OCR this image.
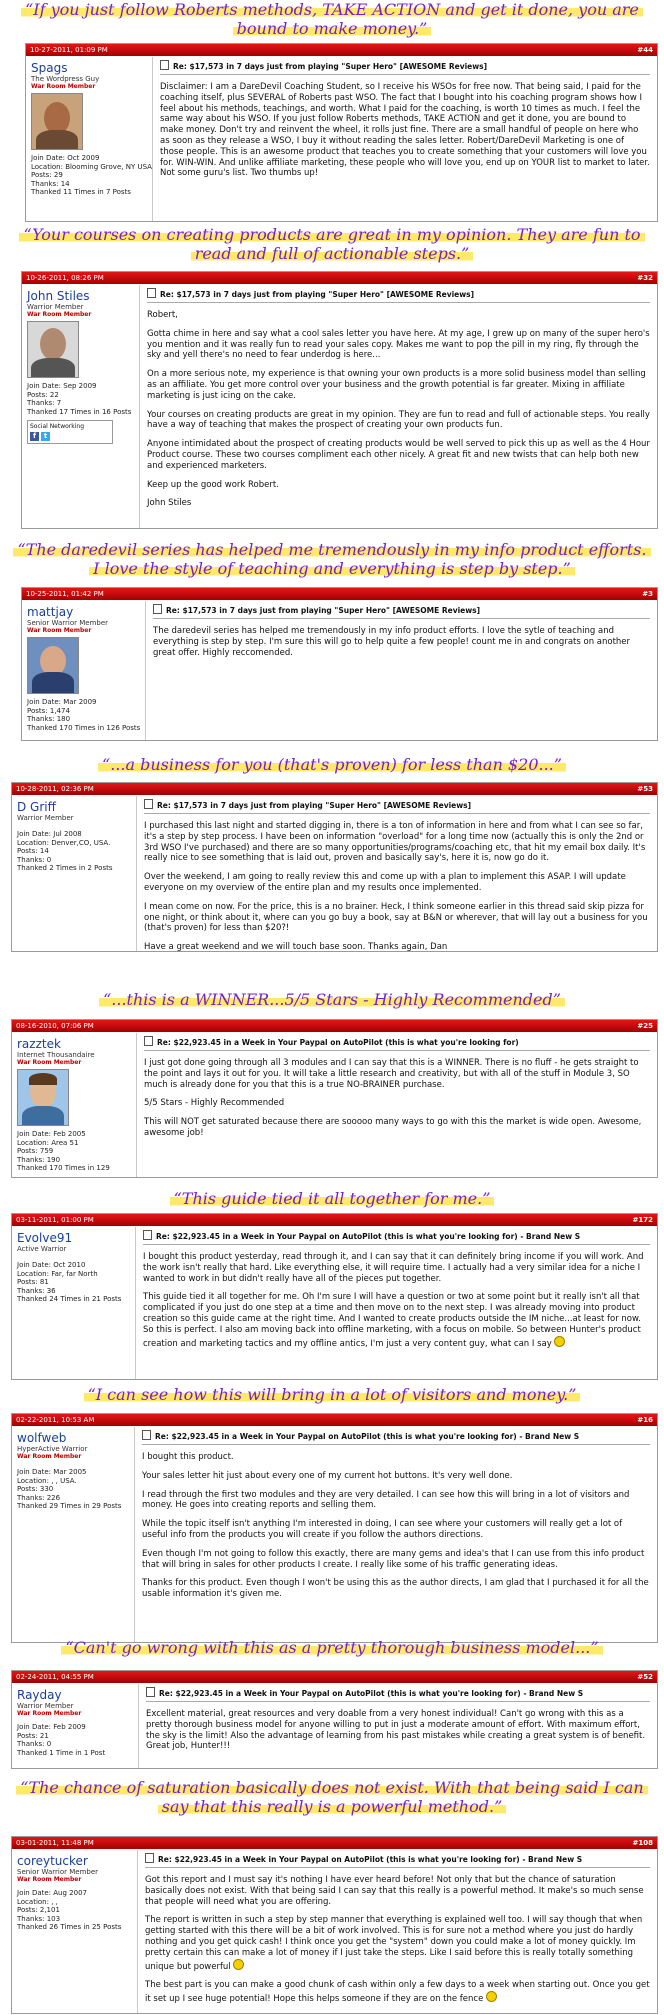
“If you just follow Roberts methods, TAKE ACTION and get it done, you are bound to make money.”
10-27-2011, 01:09 PM	#44
Spags
The Wordpress Guy
War Room Member
Join Date: Oct 2009
Location: Blooming Grove, NY USA
Posts: 29
Thanks: 14
Thanked 11 Times in 7 Posts
Re: $17,573 in 7 days just from playing "Super Hero" [AWESOME Reviews]

Disclaimer: I am a DareDevil Coaching Student, so I receive his WSOs for free now. That being said, I paid for the coaching itself, plus SEVERAL of Roberts past WSO. The fact that I bought into his coaching program shows how I feel about his methods, teachings, and worth. What I paid for the coaching, is worth 10 times as much. I feel the same way about his WSO. If you just follow Roberts methods, TAKE ACTION and get it done, you are bound to make money. Don't try and reinvent the wheel, it rolls just fine. There are a small handful of people on here who as soon as they release a WSO, I buy it without reading the sales letter. Robert/DareDevil Marketing is one of those people. This is an awesome product that teaches you to create something that your customers will love you for. WIN-WIN. And unlike affiliate marketing, these people who will love you, end up on YOUR list to market to later. Not some guru's list. Two thumbs up!

“Your courses on creating products are great in my opinion. They are fun to read and full of actionable steps.”
10-26-2011, 08:26 PM	#32
John Stiles
Warrior Member
War Room Member
Join Date: Sep 2009
Posts: 22
Thanks: 7
Thanked 17 Times in 16 Posts
Social Networking
f t
Re: $17,573 in 7 days just from playing "Super Hero" [AWESOME Reviews]

Robert,

Gotta chime in here and say what a cool sales letter you have here. At my age, I grew up on many of the super hero's you mention and it was really fun to read your sales copy. Makes me want to pop the pill in my ring, fly through the sky and yell there's no need to fear underdog is here...

On a more serious note, my experience is that owning your own products is a more solid business model than selling as an affiliate. You get more control over your business and the growth potential is far greater. Mixing in affiliate marketing is just icing on the cake.

Your courses on creating products are great in my opinion. They are fun to read and full of actionable steps. You really have a way of teaching that makes the prospect of creating your own products fun.

Anyone intimidated about the prospect of creating products would be well served to pick this up as well as the 4 Hour Product course. These two courses compliment each other nicely. A great fit and new twists that can help both new and experienced marketers.

Keep up the good work Robert.

John Stiles

“The daredevil series has helped me tremendously in my info product efforts. I love the style of teaching and everything is step by step.”
10-25-2011, 01:42 PM	#3
mattjay
Senior Warrior Member
War Room Member
Join Date: Mar 2009
Posts: 1,474
Thanks: 180
Thanked 170 Times in 126 Posts
Re: $17,573 in 7 days just from playing "Super Hero" [AWESOME Reviews]

The daredevil series has helped me tremendously in my info product efforts. I love the sytle of teaching and everything is step by step. I'm sure this will go to help quite a few people! count me in and congrats on another great offer. Highly reccomended.

“...a business for you (that's proven) for less than $20...”
10-28-2011, 02:36 PM	#53
D Griff
Warrior Member
Join Date: Jul 2008
Location: Denver,CO, USA.
Posts: 14
Thanks: 0
Thanked 2 Times in 2 Posts
Re: $17,573 in 7 days just from playing "Super Hero" [AWESOME Reviews]

I purchased this last night and started digging in, there is a ton of information in here and from what I can see so far, it's a step by step process. I have been on information "overload" for a long time now (actually this is only the 2nd or 3rd WSO I've purchased) and there are so many opportunities/programs/coaching etc, that hit my email box daily. It's really nice to see something that is laid out, proven and basically say's, here it is, now go do it.

Over the weekend, I am going to really review this and come up with a plan to implement this ASAP. I will update everyone on my overview of the entire plan and my results once implemented.

I mean come on now. For the price, this is a no brainer. Heck, I think someone earlier in this thread said skip pizza for one night, or think about it, where can you go buy a book, say at B&N or wherever, that will lay out a business for you (that's proven) for less than $20?!

Have a great weekend and we will touch base soon. Thanks again, Dan

“...this is a WINNER...5/5 Stars - Highly Recommended”
08-16-2010, 07:06 PM	#25
razztek
Internet Thousandaire
War Room Member
Join Date: Feb 2005
Location: Area 51
Posts: 759
Thanks: 190
Thanked 170 Times in 129
Re: $22,923.45 in a Week in Your Paypal on AutoPilot (this is what you're looking for)

I just got done going through all 3 modules and I can say that this is a WINNER. There is no fluff - he gets straight to the point and lays it out for you. It will take a little research and creativity, but with all of the stuff in Module 3, SO much is already done for you that this is a true NO-BRAINER purchase.

5/5 Stars - Highly Recommended

This will NOT get saturated because there are sooooo many ways to go with this the market is wide open. Awesome, awesome job!

“This guide tied it all together for me.”
03-11-2011, 01:00 PM	#172
Evolve91
Active Warrior
Join Date: Oct 2010
Location: Far, far North
Posts: 81
Thanks: 36
Thanked 24 Times in 21 Posts
Re: $22,923.45 in a Week in Your Paypal on AutoPilot (this is what you're looking for) - Brand New S

I bought this product yesterday, read through it, and I can say that it can definitely bring income if you will work. And the work isn't really that hard. Like everything else, it will require time. I actually had a very similar idea for a niche I wanted to work in but didn't really have all of the pieces put together.

This guide tied it all together for me. Oh I'm sure I will have a question or two at some point but it really isn't all that complicated if you just do one step at a time and then move on to the next step. I was already moving into product creation so this guide came at the right time. And I wanted to create products outside the IM niche...at least for now. So this is perfect. I also am moving back into offline marketing, with a focus on mobile. So between Hunter's product creation and marketing tactics and my offline antics, I'm just a very content guy, what can I say

“I can see how this will bring in a lot of visitors and money.”
02-22-2011, 10:53 AM	#16
wolfweb
HyperActive Warrior
War Room Member
Join Date: Mar 2005
Location: , , USA.
Posts: 330
Thanks: 226
Thanked 29 Times in 29 Posts
Re: $22,923.45 in a Week in Your Paypal on AutoPilot (this is what you're looking for) - Brand New S

I bought this product.

Your sales letter hit just about every one of my current hot buttons. It's very well done.

I read through the first two modules and they are very detailed. I can see how this will bring in a lot of visitors and money. He goes into creating reports and selling them.

While the topic itself isn't anything I'm interested in doing, I can see where your customers will really get a lot of useful info from the products you will create if you follow the authors directions.

Even though I'm not going to follow this exactly, there are many gems and idea's that I can use from this info product that will bring in sales for other products I create. I really like some of his traffic generating ideas.

Thanks for this product. Even though I won't be using this as the author directs, I am glad that I purchased it for all the usable information it's given me.

“Can't go wrong with this as a pretty thorough business model...”
02-24-2011, 04:55 PM	#52
Rayday
Warrior Member
War Room Member
Join Date: Feb 2009
Posts: 21
Thanks: 0
Thanked 1 Time in 1 Post
Re: $22,923.45 in a Week in Your Paypal on AutoPilot (this is what you're looking for) - Brand New S

Excellent material, great resources and very doable from a very honest individual! Can't go wrong with this as a pretty thorough business model for anyone willing to put in just a moderate amount of effort. With maximum effort, the sky is the limit! Also the advantage of learning from his past mistakes while creating a great system is of benefit. Great job, Hunter!!!

“The chance of saturation basically does not exist. With that being said I can say that this really is a powerful method.”
03-01-2011, 11:48 PM	#108
coreytucker
Senior Warrior Member
War Room Member
Join Date: Aug 2007
Location: , ,
Posts: 2,101
Thanks: 103
Thanked 26 Times in 25 Posts
Re: $22,923.45 in a Week in Your Paypal on AutoPilot (this is what you're looking for) - Brand New S

Got this report and I must say it's nothing I have ever heard before! Not only that but the chance of saturation basically does not exist. With that being said I can say that this really is a powerful method. It make's so much sense that people will need what you are offering.

The report is written in such a step by step manner that everything is explained well too. I will say though that when getting started with this there will be a bit of work involved. This is for sure not a method where you just do hardly nothing and you get quick cash! I think once you get the "system" down you could make a lot of money quickly. Im pretty certain this can make a lot of money if I just take the steps. Like I said before this is really totally something unique but powerful

The best part is you can make a good chunk of cash within only a few days to a week when starting out. Once you get it set up I see huge potential! Hope this helps someone if they are on the fence
